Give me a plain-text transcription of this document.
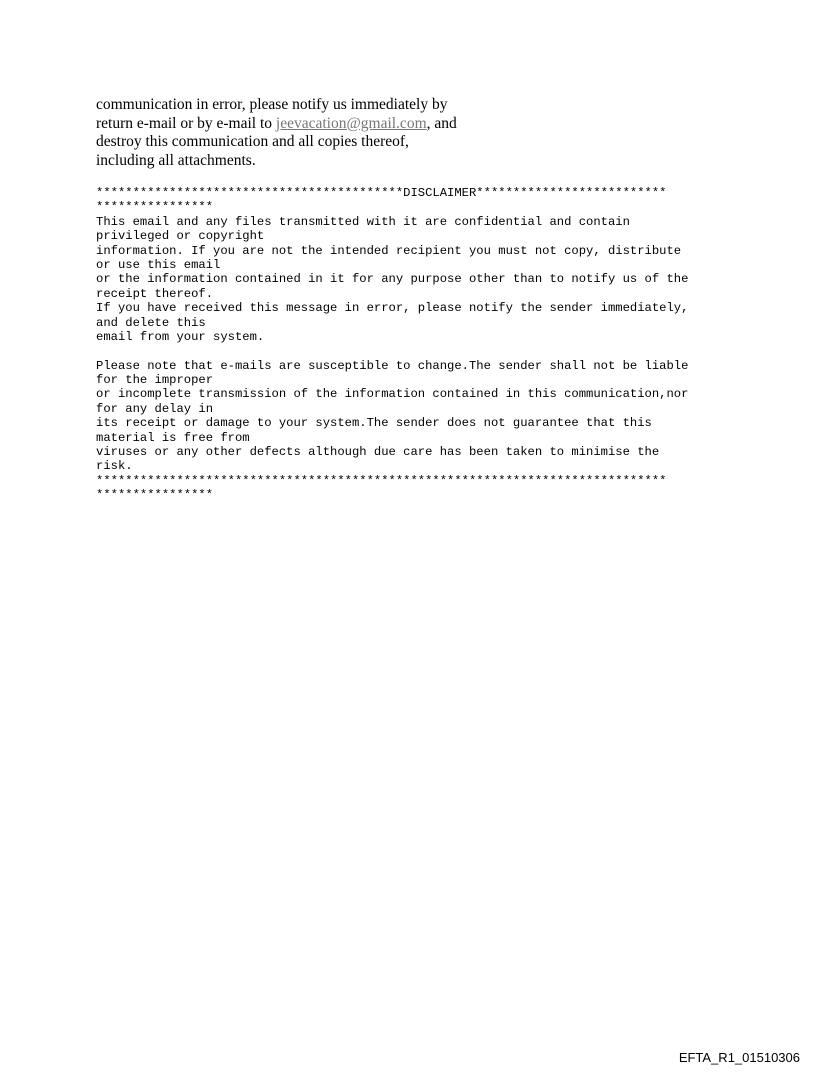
communication in error, please notify us immediately by
return e-mail or by e-mail to jeevacation@gmail.com, and
destroy this communication and all copies thereof,
including all attachments.
******************************************DISCLAIMER**************************
****************
This email and any files transmitted with it are confidential and contain
privileged or copyright
information. If you are not the intended recipient you must not copy, distribute
or use this email
or the information contained in it for any purpose other than to notify us of the
receipt thereof.
If you have received this message in error, please notify the sender immediately,
and delete this
email from your system.
Please note that e-mails are susceptible to change.The sender shall not be liable
for the improper
or incomplete transmission of the information contained in this communication,nor
for any delay in
its receipt or damage to your system.The sender does not guarantee that this
material is free from
viruses or any other defects although due care has been taken to minimise the
risk.
******************************************************************************
****************
EFTA_R1_01510306
